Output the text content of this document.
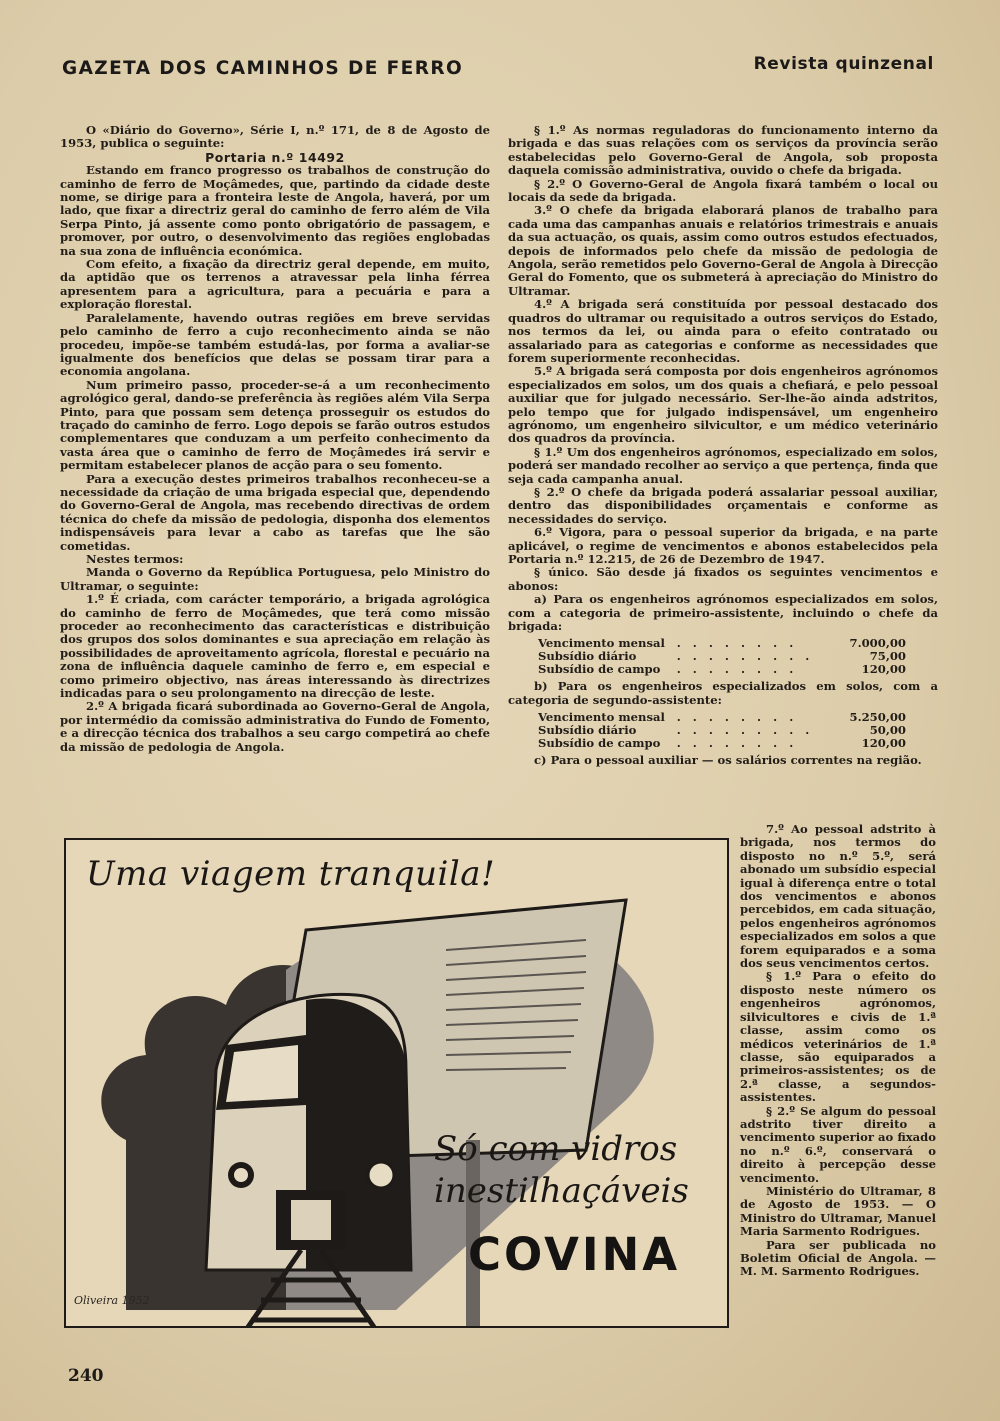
GAZETA DOS CAMINHOS DE FERRO	Revista quinzenal

O «Diário do Governo», Série I, n.º 171, de 8 de Agosto de 1953, publica o seguinte:

Portaria n.º 14492

Estando em franco progresso os trabalhos de construção do caminho de ferro de Moçâmedes, que, partindo da cidade deste nome, se dirige para a fronteira leste de Angola, haverá, por um lado, que fixar a directriz geral do caminho de ferro além de Vila Serpa Pinto, já assente como ponto obrigatório de passagem, e promover, por outro, o desenvolvimento das regiões englobadas na sua zona de influência económica.

Com efeito, a fixação da directriz geral depende, em muito, da aptidão que os terrenos a atravessar pela linha férrea apresentem para a agricultura, para a pecuária e para a exploração florestal.

Paralelamente, havendo outras regiões em breve servidas pelo caminho de ferro a cujo reconhecimento ainda se não procedeu, impõe-se também estudá-las, por forma a avaliar-se igualmente dos benefícios que delas se possam tirar para a economia angolana.

Num primeiro passo, proceder-se-á a um reconhecimento agrológico geral, dando-se preferência às regiões além Vila Serpa Pinto, para que possam sem detença prosseguir os estudos do traçado do caminho de ferro. Logo depois se farão outros estudos complementares que conduzam a um perfeito conhecimento da vasta área que o caminho de ferro de Moçâmedes irá servir e permitam estabelecer planos de acção para o seu fomento.

Para a execução destes primeiros trabalhos reconheceu-se a necessidade da criação de uma brigada especial que, dependendo do Governo-Geral de Angola, mas recebendo directivas de ordem técnica do chefe da missão de pedologia, disponha dos elementos indispensáveis para levar a cabo as tarefas que lhe são cometidas.

Nestes termos:

Manda o Governo da República Portuguesa, pelo Ministro do Ultramar, o seguinte:

1.º É criada, com carácter temporário, a brigada agrológica do caminho de ferro de Moçâmedes, que terá como missão proceder ao reconhecimento das características e distribuição dos grupos dos solos dominantes e sua apreciação em relação às possibilidades de aproveitamento agrícola, florestal e pecuário na zona de influência daquele caminho de ferro e, em especial e como primeiro objectivo, nas áreas interessando às directrizes indicadas para o seu prolongamento na direcção de leste.

2.º A brigada ficará subordinada ao Governo-Geral de Angola, por intermédio da comissão administrativa do Fundo de Fomento, e a direcção técnica dos trabalhos a seu cargo competirá ao chefe da missão de pedologia de Angola.

§ 1.º As normas reguladoras do funcionamento interno da brigada e das suas relações com os serviços da província serão estabelecidas pelo Governo-Geral de Angola, sob proposta daquela comissão administrativa, ouvido o chefe da brigada.

§ 2.º O Governo-Geral de Angola fixará também o local ou locais da sede da brigada.

3.º O chefe da brigada elaborará planos de trabalho para cada uma das campanhas anuais e relatórios trimestrais e anuais da sua actuação, os quais, assim como outros estudos efectuados, depois de informados pelo chefe da missão de pedologia de Angola, serão remetidos pelo Governo-Geral de Angola à Direcção Geral do Fomento, que os submeterá à apreciação do Ministro do Ultramar.

4.º A brigada será constituída por pessoal destacado dos quadros do ultramar ou requisitado a outros serviços do Estado, nos termos da lei, ou ainda para o efeito contratado ou assalariado para as categorias e conforme as necessidades que forem superiormente reconhecidas.

5.º A brigada será composta por dois engenheiros agrónomos especializados em solos, um dos quais a chefiará, e pelo pessoal auxiliar que for julgado necessário. Ser-lhe-ão ainda adstritos, pelo tempo que for julgado indispensável, um engenheiro agrónomo, um engenheiro silvicultor, e um médico veterinário dos quadros da província.

§ 1.º Um dos engenheiros agrónomos, especializado em solos, poderá ser mandado recolher ao serviço a que pertença, finda que seja cada campanha anual.

§ 2.º O chefe da brigada poderá assalariar pessoal auxiliar, dentro das disponibilidades orçamentais e conforme as necessidades do serviço.

6.º Vigora, para o pessoal superior da brigada, e na parte aplicável, o regime de vencimentos e abonos estabelecidos pela Portaria n.º 12.215, de 26 de Dezembro de 1947.

§ único. São desde já fixados os seguintes vencimentos e abonos:

a) Para os engenheiros agrónomos especializados em solos, com a categoria de primeiro-assistente, incluindo o chefe da brigada:

Vencimento mensal	. . . . . . . .	7.000,00
Subsídio diário	. . . . . . . . .	75,00
Subsídio de campo	. . . . . . . .	120,00

b) Para os engenheiros especializados em solos, com a categoria de segundo-assistente:

Vencimento mensal	. . . . . . . .	5.250,00
Subsídio diário	. . . . . . . . .	50,00
Subsídio de campo	. . . . . . . .	120,00

c) Para o pessoal auxiliar — os salários correntes na região.

7.º Ao pessoal adstrito à brigada, nos termos do disposto no n.º 5.º, será abonado um subsídio especial igual à diferença entre o total dos vencimentos e abonos percebidos, em cada situação, pelos engenheiros agrónomos especializados em solos a que forem equiparados e a soma dos seus vencimentos certos.

§ 1.º Para o efeito do disposto neste número os engenheiros agrónomos, silvicultores e civis de 1.ª classe, assim como os médicos veterinários de 1.ª classe, são equiparados a primeiros-assistentes; os de 2.ª classe, a segundos-assistentes.

§ 2.º Se algum do pessoal adstrito tiver direito a vencimento superior ao fixado no n.º 6.º, conservará o direito à percepção desse vencimento.

Ministério do Ultramar, 8 de Agosto de 1953. — O Ministro do Ultramar, Manuel Maria Sarmento Rodrigues.

Para ser publicada no Boletim Oficial de Angola. — M. M. Sarmento Rodrigues.

Uma viagem tranquila!
Só com vidros
inestilhaçáveis
COVINA
Oliveira 1952
240
